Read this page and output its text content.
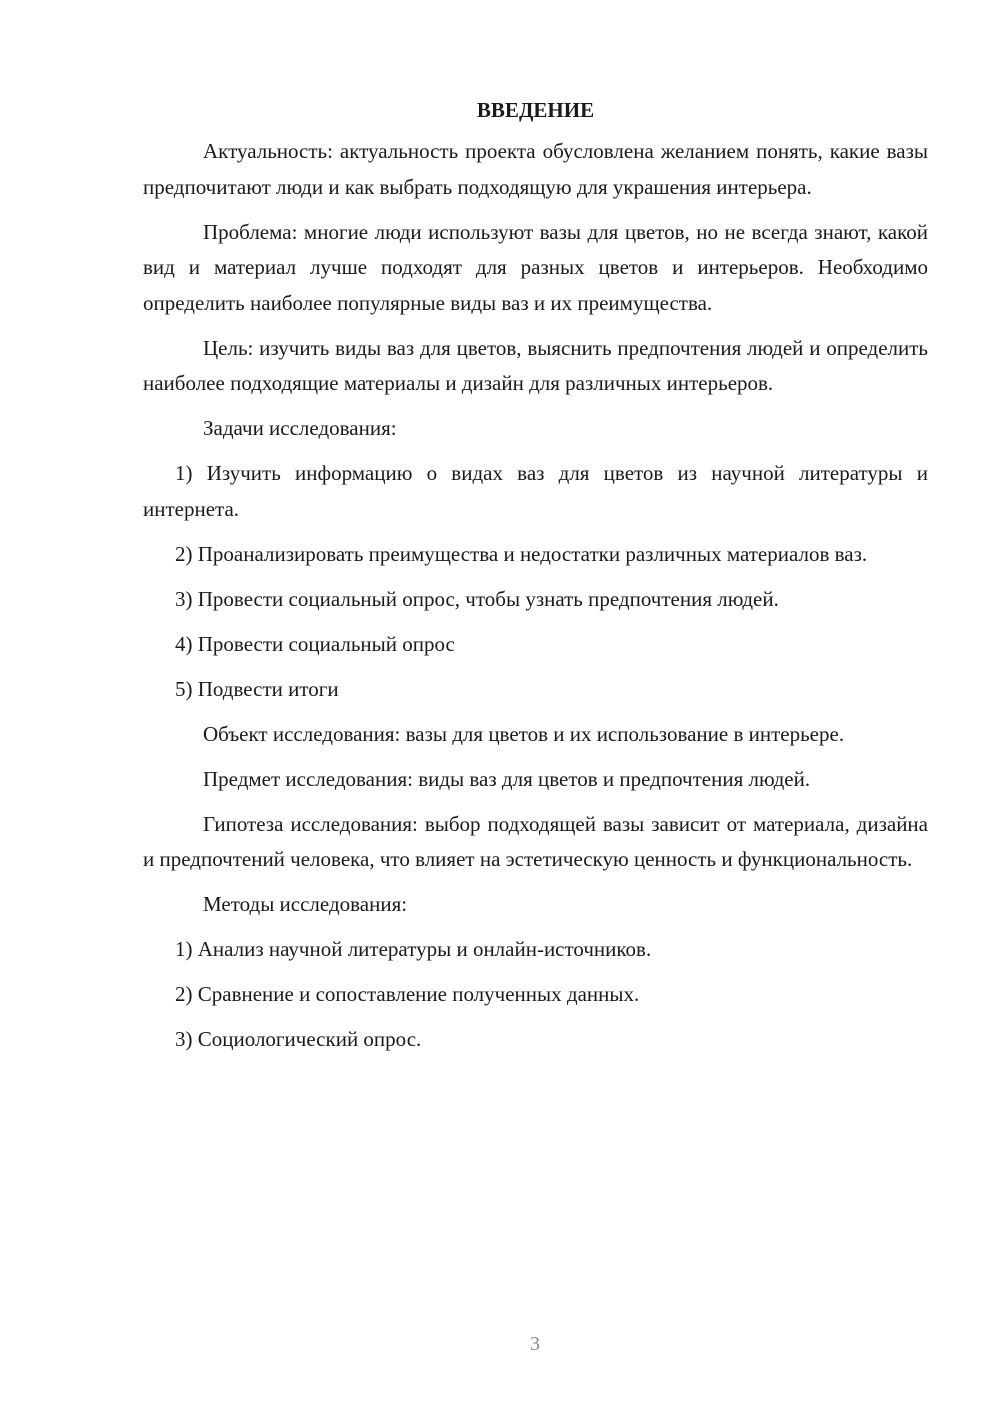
ВВЕДЕНИЕ

Актуальность: актуальность проекта обусловлена желанием понять, какие вазы предпочитают люди и как выбрать подходящую для украшения интерьера.

Проблема: многие люди используют вазы для цветов, но не всегда знают, какой вид и материал лучше подходят для разных цветов и интерьеров. Необходимо определить наиболее популярные виды ваз и их преимущества.

Цель: изучить виды ваз для цветов, выяснить предпочтения людей и определить наиболее подходящие материалы и дизайн для различных интерьеров.

Задачи исследования:

1) Изучить информацию о видах ваз для цветов из научной литературы и интернета.

2) Проанализировать преимущества и недостатки различных материалов ваз.

3) Провести социальный опрос, чтобы узнать предпочтения людей.

4) Провести социальный опрос

5) Подвести итоги

Объект исследования: вазы для цветов и их использование в интерьере.

Предмет исследования: виды ваз для цветов и предпочтения людей.

Гипотеза исследования: выбор подходящей вазы зависит от материала, дизайна и предпочтений человека, что влияет на эстетическую ценность и функциональность.

Методы исследования:

1) Анализ научной литературы и онлайн-источников.

2) Сравнение и сопоставление полученных данных.

3) Социологический опрос.

3
